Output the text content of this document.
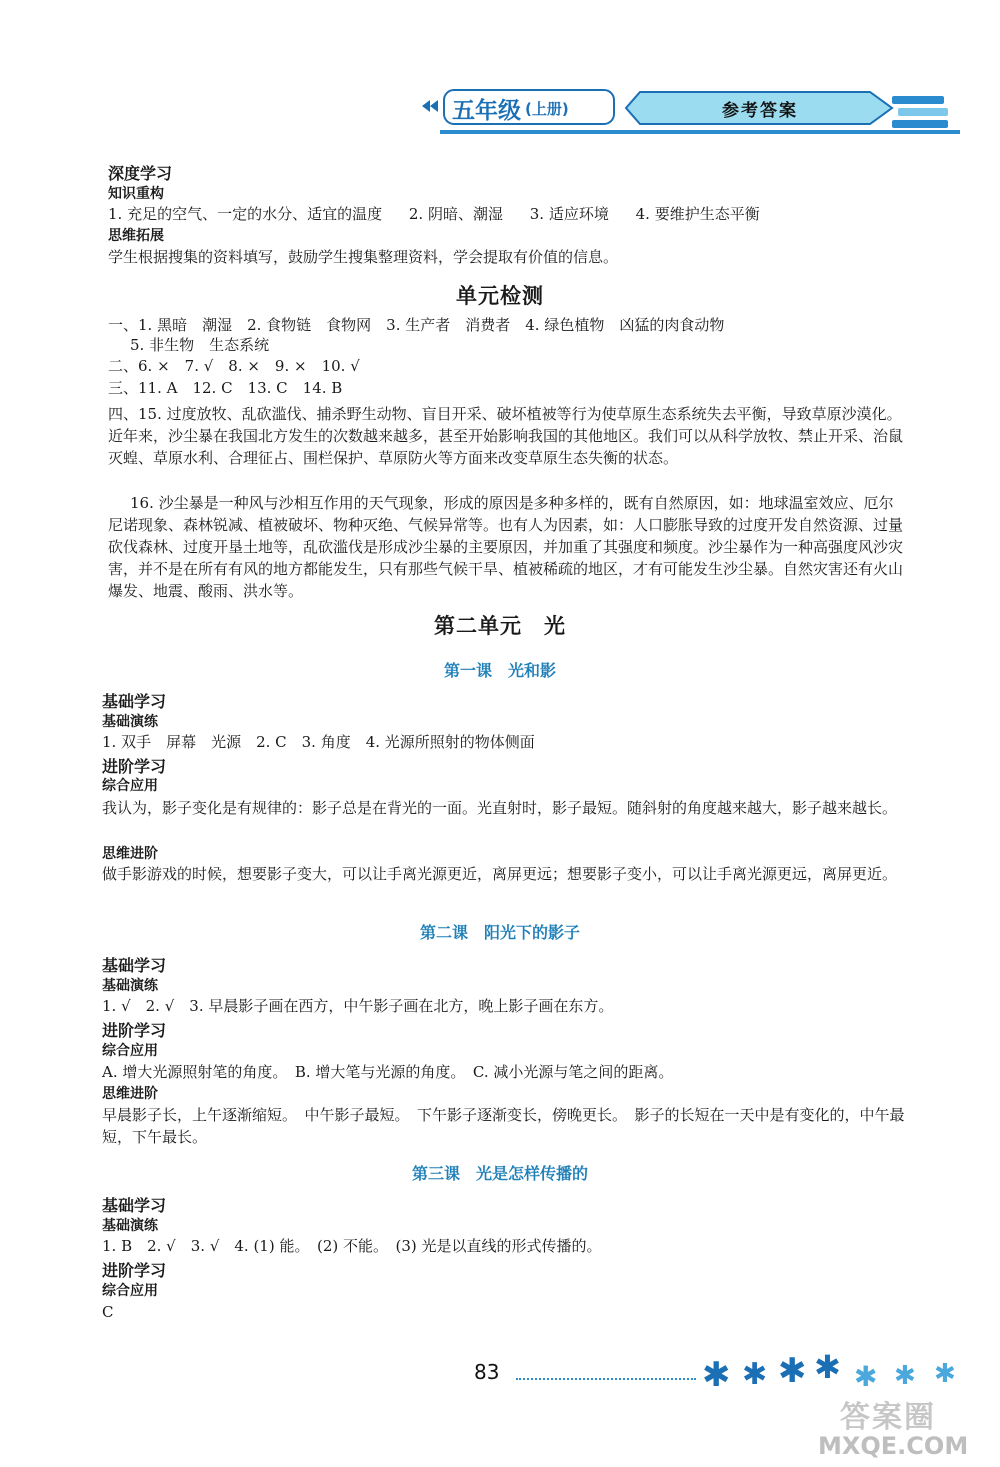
五年级 (上册)	参考答案
深度学习
知识重构
1. 充足的空气、一定的水分、适宜的温度 2. 阴暗、潮湿 3. 适应环境 4. 要维护生态平衡
思维拓展
学生根据搜集的资料填写，鼓励学生搜集整理资料，学会提取有价值的信息。
单元检测
一、1. 黑暗　潮湿　2. 食物链　食物网　3. 生产者　消费者　4. 绿色植物　凶猛的肉食动物
5. 非生物　生态系统
二、6. ×　7. √　8. ×　9. ×　10. √
三、11. A　12. C　13. C　14. B
四、15. 过度放牧、乱砍滥伐、捕杀野生动物、盲目开采、破坏植被等行为使草原生态系统失去平衡，导致草原沙漠化。近年来，沙尘暴在我国北方发生的次数越来越多，甚至开始影响我国的其他地区。我们可以从科学放牧、禁止开采、治鼠灭蝗、草原水利、合理征占、围栏保护、草原防火等方面来改变草原生态失衡的状态。
16. 沙尘暴是一种风与沙相互作用的天气现象，形成的原因是多种多样的，既有自然原因，如：地球温室效应、厄尔尼诺现象、森林锐减、植被破坏、物种灭绝、气候异常等。也有人为因素，如：人口膨胀导致的过度开发自然资源、过量砍伐森林、过度开垦土地等，乱砍滥伐是形成沙尘暴的主要原因，并加重了其强度和频度。沙尘暴作为一种高强度风沙灾害，并不是在所有有风的地方都能发生，只有那些气候干旱、植被稀疏的地区，才有可能发生沙尘暴。自然灾害还有火山爆发、地震、酸雨、洪水等。
第二单元　光
第一课　光和影
基础学习
基础演练
1. 双手　屏幕　光源　2. C　3. 角度　4. 光源所照射的物体侧面
进阶学习
综合应用
我认为，影子变化是有规律的：影子总是在背光的一面。光直射时，影子最短。随斜射的角度越来越大，影子越来越长。
思维进阶
做手影游戏的时候，想要影子变大，可以让手离光源更近，离屏更远；想要影子变小，可以让手离光源更远，离屏更近。
第二课　阳光下的影子
基础学习
基础演练
1. √　2. √　3. 早晨影子画在西方，中午影子画在北方，晚上影子画在东方。
进阶学习
综合应用
A. 增大光源照射笔的角度。　B. 增大笔与光源的角度。　C. 减小光源与笔之间的距离。
思维进阶
早晨影子长，上午逐渐缩短。　中午影子最短。　下午影子逐渐变长，傍晚更长。　影子的长短在一天中是有变化的，中午最短，下午最长。
第三课　光是怎样传播的
基础学习
基础演练
1. B　2. √　3. √　4. (1) 能。　(2) 不能。　(3) 光是以直线的形式传播的。
进阶学习
综合应用
C
83	✱ ✱ ✱ ✱ ✱ ✱ ✱
答案圈
MXQE.COM
